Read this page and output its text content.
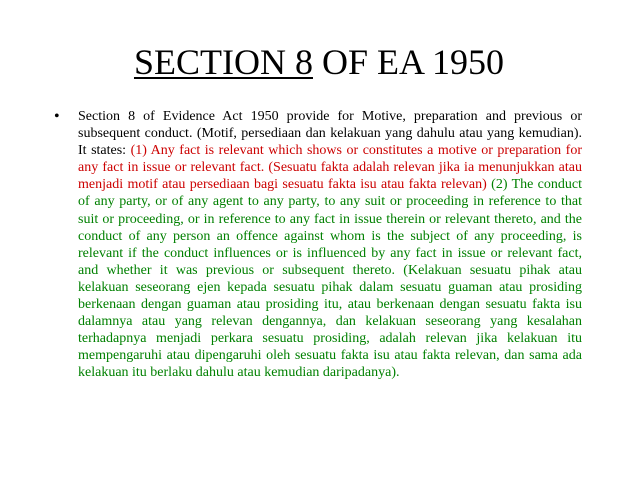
SECTION 8 OF EA 1950
• Section 8 of Evidence Act 1950 provide for Motive, preparation and previous or subsequent conduct. (Motif, persediaan dan kelakuan yang dahulu atau yang kemudian). It states: (1) Any fact is relevant which shows or constitutes a motive or preparation for any fact in issue or relevant fact. (Sesuatu fakta adalah relevan jika ia menunjukkan atau menjadi motif atau persediaan bagi sesuatu fakta isu atau fakta relevan) (2) The conduct of any party, or of any agent to any party, to any suit or proceeding in reference to that suit or proceeding, or in reference to any fact in issue therein or relevant thereto, and the conduct of any person an offence against whom is the subject of any proceeding, is relevant if the conduct influences or is influenced by any fact in issue or relevant fact, and whether it was previous or subsequent thereto. (Kelakuan sesuatu pihak atau kelakuan seseorang ejen kepada sesuatu pihak dalam sesuatu guaman atau prosiding berkenaan dengan guaman atau prosiding itu, atau berkenaan dengan sesuatu fakta isu dalamnya atau yang relevan dengannya, dan kelakuan seseorang yang kesalahan terhadapnya menjadi perkara sesuatu prosiding, adalah relevan jika kelakuan itu mempengaruhi atau dipengaruhi oleh sesuatu fakta isu atau fakta relevan, dan sama ada kelakuan itu berlaku dahulu atau kemudian daripadanya).
